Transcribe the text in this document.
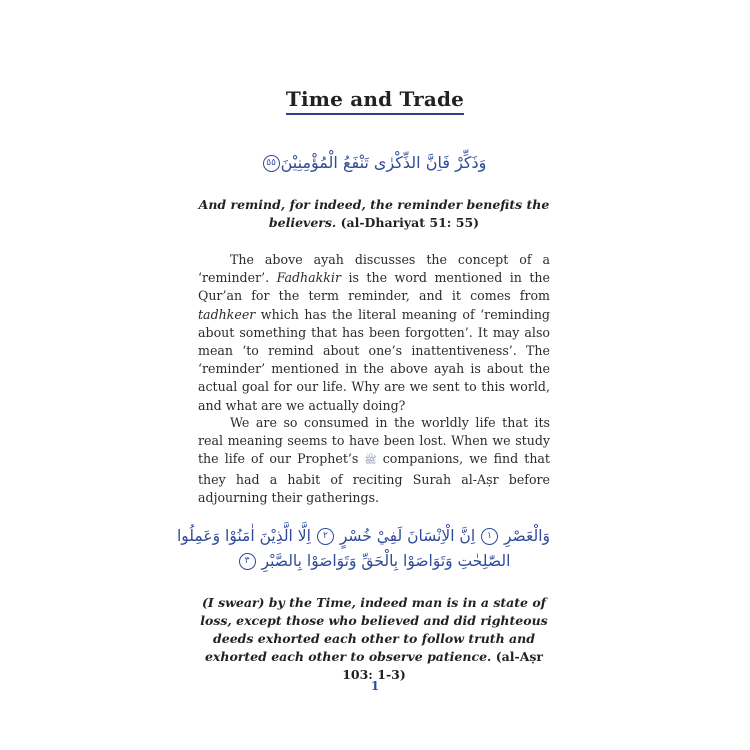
Time and Trade
وَذَكِّرْ فَاِنَّ الذِّكْرٰى تَنْفَعُ الْمُؤْمِنِيْنَ٥٥
And remind, for indeed, the reminder benefits the believers. (al-Dhariyat 51: 55)
The above ayah discusses the concept of a ‘reminder’. Fadhakkir is the word mentioned in the Qur’an for the term reminder, and it comes from tadhkeer which has the literal meaning of ‘reminding about something that has been forgotten’. It may also mean ‘to remind about one’s inattentiveness’. The ‘reminder’ mentioned in the above ayah is about the actual goal for our life. Why are we sent to this world, and what are we actually doing?
We are so consumed in the worldly life that its real meaning seems to have been lost. When we study the life of our Prophet’s ﷺ companions, we find that they had a habit of reciting Surah al-Aṣr before adjourning their gatherings.
وَالْعَصْرِ ١ اِنَّ الْاِنْسَانَ لَفِيْ خُسْرٍ ٢ اِلَّا الَّذِيْنَ اٰمَنُوْا وَعَمِلُوا
الصّٰلِحٰتِ وَتَوَاصَوْا بِالْحَقِّ وَتَوَاصَوْا بِالصَّبْرِ ٣
(I swear) by the Time, indeed man is in a state of loss, except those who believed and did righteous deeds exhorted each other to follow truth and exhorted each other to observe patience. (al-Aṣr 103: 1-3)
1
